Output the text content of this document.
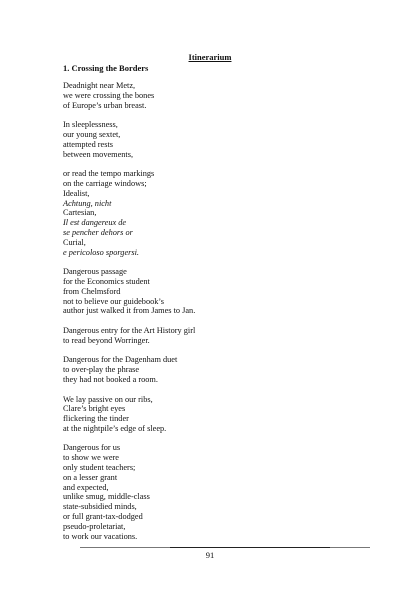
Itinerarium

1. Crossing the Borders

Deadnight near Metz,
we were crossing the bones
of Europe’s urban breast.
In sleeplessness,
our young sextet,
attempted rests
between movements,
or read the tempo markings
on the carriage windows;
Idealist,
Achtung, nicht
Cartesian,
Il est dangereux de
se pencher dehors or
Curial,
e pericoloso sporgersi.
Dangerous passage
for the Economics student
from Chelmsford
not to believe our guidebook’s
author just walked it from James to Jan.
Dangerous entry for the Art History girl
to read beyond Worringer.
Dangerous for the Dagenham duet
to over-play the phrase
they had not booked a room.
We lay passive on our ribs,
Clare’s bright eyes
flickering the tinder
at the nightpile’s edge of sleep.
Dangerous for us
to show we were
only student teachers;
on a lesser grant
and expected,
unlike smug, middle-class
state-subsidied minds,
or full grant-tax-dodged
pseudo-proletariat,
to work our vacations.

91
